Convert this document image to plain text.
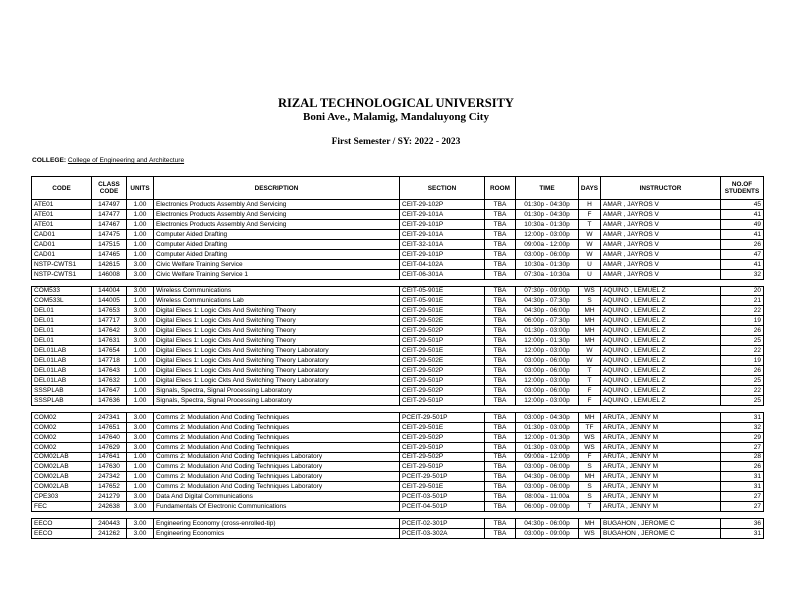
RIZAL TECHNOLOGICAL UNIVERSITY
Boni Ave., Malamig, Mandaluyong City
First Semester / SY: 2022 - 2023
COLLEGE: College of Engineering and Architecture
CODE	CLASS CODE	UNITS	DESCRIPTION	SECTION	ROOM	TIME	DAYS	INSTRUCTOR	NO.OF STUDENTS
ATE01	147497	1.00	Electronics Products Assembly And Servicing	CEIT-29-102P	TBA	01:30p - 04:30p	H	AMAR , JAYROS V	45
ATE01	147477	1.00	Electronics Products Assembly And Servicing	CEIT-29-101A	TBA	01:30p - 04:30p	F	AMAR , JAYROS V	41
ATE01	147467	1.00	Electronics Products Assembly And Servicing	CEIT-29-101P	TBA	10:30a - 01:30p	T	AMAR , JAYROS V	49
CAD01	147475	1.00	Computer Aided Drafting	CEIT-29-101A	TBA	12:00p - 03:00p	W	AMAR , JAYROS V	41
CAD01	147515	1.00	Computer Aided Drafting	CEIT-32-101A	TBA	09:00a - 12:00p	W	AMAR , JAYROS V	26
CAD01	147465	1.00	Computer Aided Drafting	CEIT-29-101P	TBA	03:00p - 06:00p	W	AMAR , JAYROS V	47
NSTP-CWTS1	142615	3.00	Civic Welfare Training Service	CEIT-04-102A	TBA	10:30a - 01:30p	U	AMAR , JAYROS V	41
NSTP-CWTS1	146008	3.00	Civic Welfare Training Service 1	CEIT-06-301A	TBA	07:30a - 10:30a	U	AMAR , JAYROS V	32

COM533	144004	3.00	Wireless Communications	CEIT-05-901E	TBA	07:30p - 09:00p	WS	AQUINO , LEMUEL Z	20
COM533L	144005	1.00	Wireless Communications Lab	CEIT-05-901E	TBA	04:30p - 07:30p	S	AQUINO , LEMUEL Z	21
DEL01	147653	3.00	Digital Elecs 1: Logic Ckts And Switching Theory	CEIT-29-501E	TBA	04:30p - 06:00p	MH	AQUINO , LEMUEL Z	22
DEL01	147717	3.00	Digital Elecs 1: Logic Ckts And Switching Theory	CEIT-29-502E	TBA	06:00p - 07:30p	MH	AQUINO , LEMUEL Z	19
DEL01	147642	3.00	Digital Elecs 1: Logic Ckts And Switching Theory	CEIT-29-502P	TBA	01:30p - 03:00p	MH	AQUINO , LEMUEL Z	26
DEL01	147631	3.00	Digital Elecs 1: Logic Ckts And Switching Theory	CEIT-29-501P	TBA	12:00p - 01:30p	MH	AQUINO , LEMUEL Z	25
DEL01LAB	147654	1.00	Digital Elecs 1: Logic Ckts And Switching Theory Laboratory	CEIT-29-501E	TBA	12:00p - 03:00p	W	AQUINO , LEMUEL Z	22
DEL01LAB	147718	1.00	Digital Elecs 1: Logic Ckts And Switching Theory Laboratory	CEIT-29-502E	TBA	03:00p - 06:00p	W	AQUINO , LEMUEL Z	19
DEL01LAB	147643	1.00	Digital Elecs 1: Logic Ckts And Switching Theory Laboratory	CEIT-29-502P	TBA	03:00p - 06:00p	T	AQUINO , LEMUEL Z	26
DEL01LAB	147632	1.00	Digital Elecs 1: Logic Ckts And Switching Theory Laboratory	CEIT-29-501P	TBA	12:00p - 03:00p	T	AQUINO , LEMUEL Z	25
SSSPLAB	147647	1.00	Signals, Spectra, Signal Processing Laboratory	CEIT-29-502P	TBA	03:00p - 06:00p	F	AQUINO , LEMUEL Z	22
SSSPLAB	147636	1.00	Signals, Spectra, Signal Processing Laboratory	CEIT-29-501P	TBA	12:00p - 03:00p	F	AQUINO , LEMUEL Z	25

COM02	247341	3.00	Comms 2: Modulation And Coding Techniques	PCEIT-29-501P	TBA	03:00p - 04:30p	MH	ARUTA , JENNY M	31
COM02	147651	3.00	Comms 2: Modulation And Coding Techniques	CEIT-29-501E	TBA	01:30p - 03:00p	TF	ARUTA , JENNY M	32
COM02	147640	3.00	Comms 2: Modulation And Coding Techniques	CEIT-29-502P	TBA	12:00p - 01:30p	WS	ARUTA , JENNY M	29
COM02	147629	3.00	Comms 2: Modulation And Coding Techniques	CEIT-29-501P	TBA	01:30p - 03:00p	WS	ARUTA , JENNY M	27
COM02LAB	147641	1.00	Comms 2: Modulation And Coding Techniques Laboratory	CEIT-29-502P	TBA	09:00a - 12:00p	F	ARUTA , JENNY M	28
COM02LAB	147630	1.00	Comms 2: Modulation And Coding Techniques Laboratory	CEIT-29-501P	TBA	03:00p - 06:00p	S	ARUTA , JENNY M	26
COM02LAB	247342	1.00	Comms 2: Modulation And Coding Techniques Laboratory	PCEIT-29-501P	TBA	04:30p - 06:00p	MH	ARUTA , JENNY M	31
COM02LAB	147652	1.00	Comms 2: Modulation And Coding Techniques Laboratory	CEIT-29-501E	TBA	03:00p - 06:00p	S	ARUTA , JENNY M	31
CPE303	241279	3.00	Data And Digital Communications	PCEIT-03-501P	TBA	08:00a - 11:00a	S	ARUTA , JENNY M	27
FEC	242638	3.00	Fundamentals Of Electronic Communications	PCEIT-04-501P	TBA	06:00p - 09:00p	T	ARUTA , JENNY M	27

EECO	240443	3.00	Engineering Economy (cross-enrolled-tip)	PCEIT-02-301P	TBA	04:30p - 06:00p	MH	BUGAHON , JEROME C	36
EECO	241262	3.00	Engineering Economics	PCEIT-03-302A	TBA	03:00p - 09:00p	WS	BUGAHON , JEROME C	31
